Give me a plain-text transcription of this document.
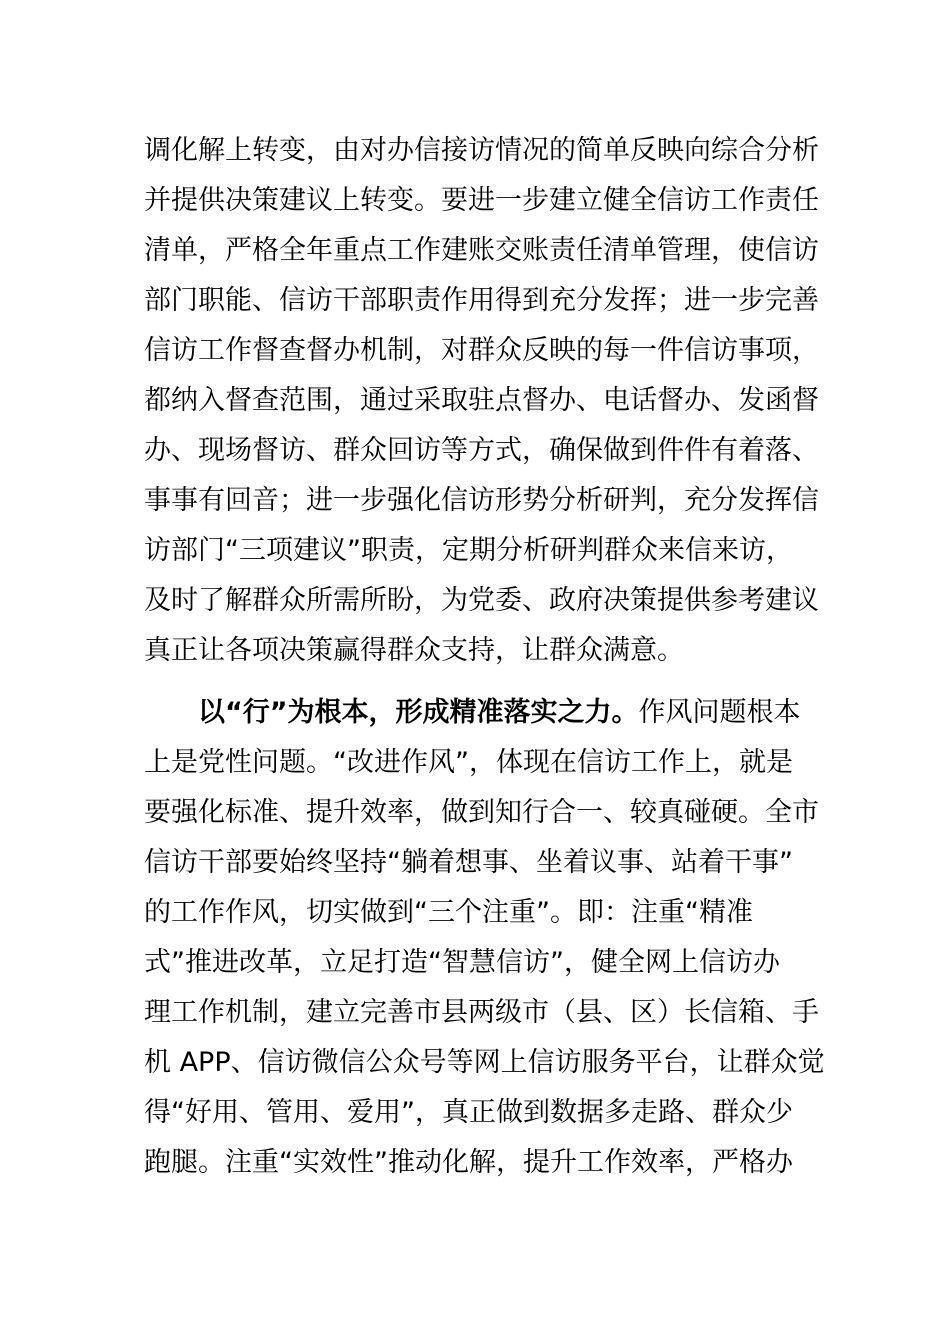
调化解上转变，由对办信接访情况的简单反映向综合分析
并提供决策建议上转变。要进一步建立健全信访工作责任
清单，严格全年重点工作建账交账责任清单管理，使信访
部门职能、信访干部职责作用得到充分发挥；进一步完善
信访工作督查督办机制，对群众反映的每一件信访事项，
都纳入督查范围，通过采取驻点督办、电话督办、发函督
办、现场督访、群众回访等方式，确保做到件件有着落、
事事有回音；进一步强化信访形势分析研判，充分发挥信
访部门“三项建议”职责，定期分析研判群众来信来访，
及时了解群众所需所盼，为党委、政府决策提供参考建议
真正让各项决策赢得群众支持，让群众满意。
以“行”为根本，形成精准落实之力。作风问题根本
上是党性问题。“改进作风”，体现在信访工作上，就是
要强化标准、提升效率，做到知行合一、较真碰硬。全市
信访干部要始终坚持“躺着想事、坐着议事、站着干事”
的工作作风，切实做到“三个注重”。即：注重“精准
式”推进改革，立足打造“智慧信访”，健全网上信访办
理工作机制，建立完善市县两级市（县、区）长信箱、手
机 APP、信访微信公众号等网上信访服务平台，让群众觉
得“好用、管用、爱用”，真正做到数据多走路、群众少
跑腿。注重“实效性”推动化解，提升工作效率，严格办
